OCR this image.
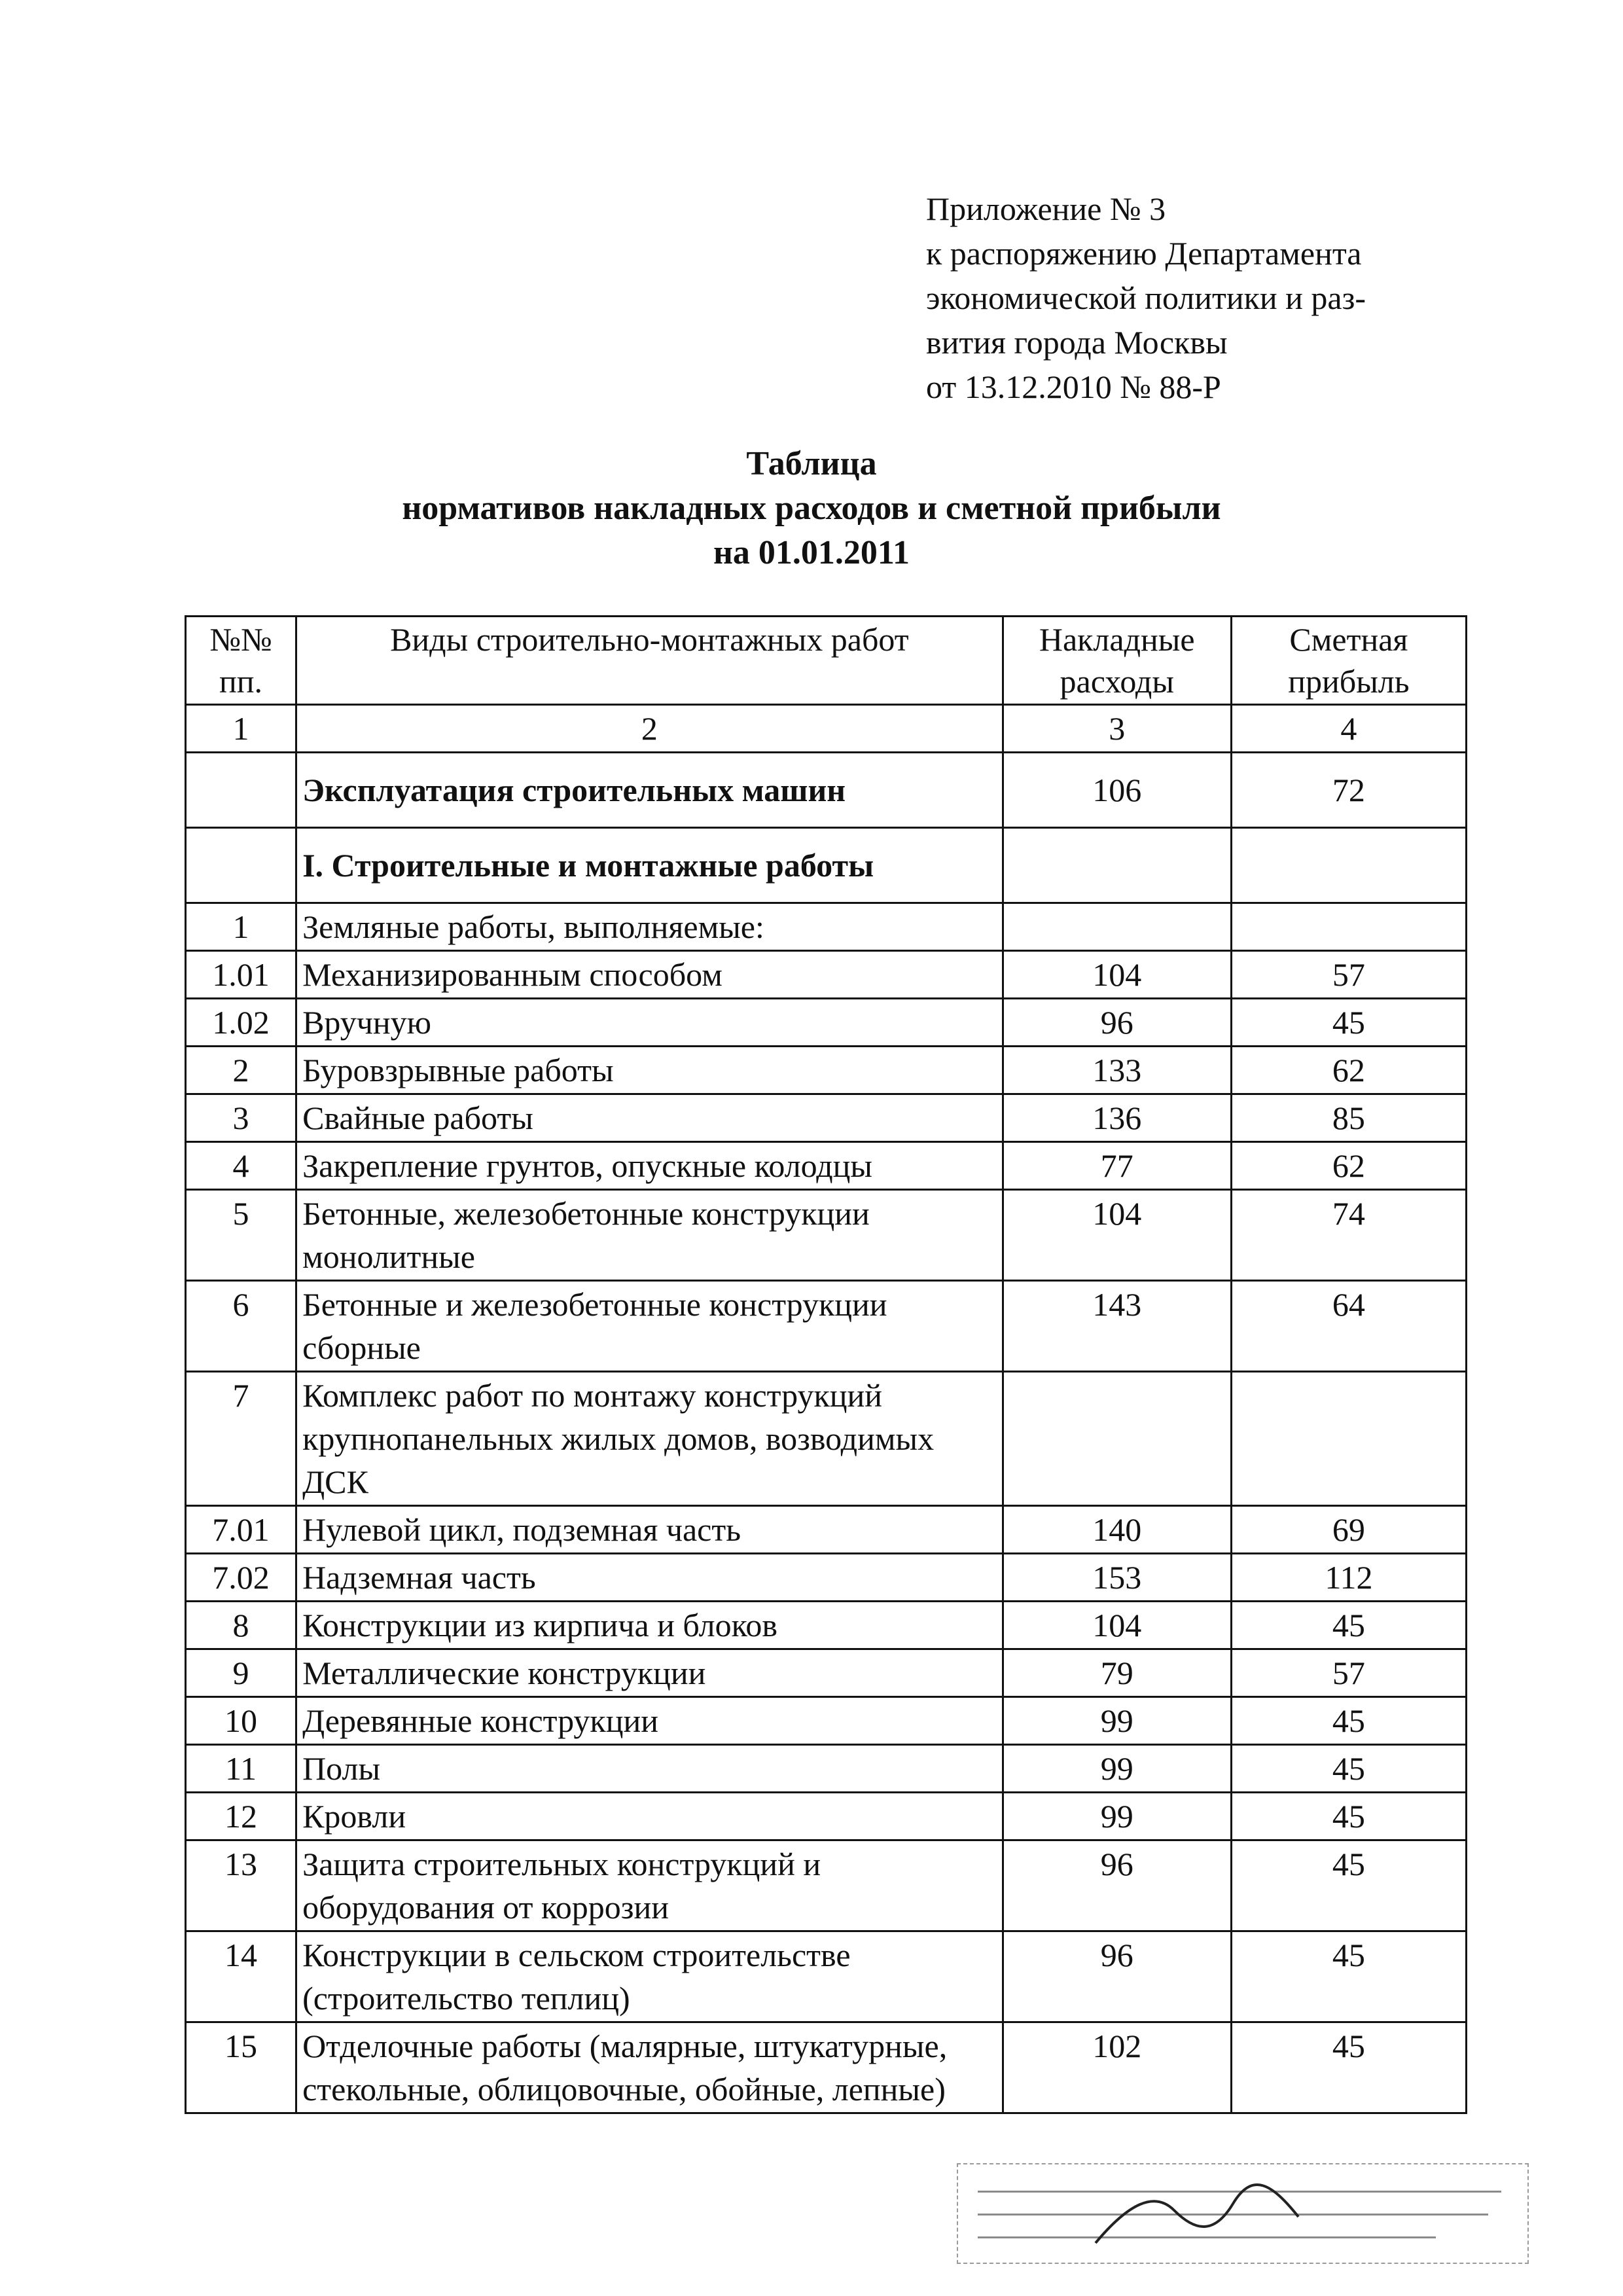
Приложение № 3
к распоряжению Департамента
экономической политики и раз-
вития города Москвы
от 13.12.2010 № 88-Р
Таблица
нормативов накладных расходов и сметной прибыли
на 01.01.2011
№№ пп.	Виды строительно-монтажных работ	Накладные расходы	Сметная прибыль
1	2	3	4
	Эксплуатация строительных машин	106	72
	I. Строительные и монтажные работы		
1	Земляные работы, выполняемые:		
1.01	Механизированным способом	104	57
1.02	Вручную	96	45
2	Буровзрывные работы	133	62
3	Свайные работы	136	85
4	Закрепление грунтов, опускные колодцы	77	62
5	Бетонные, железобетонные конструкции монолитные	104	74
6	Бетонные и железобетонные конструкции сборные	143	64
7	Комплекс работ по монтажу конструкций крупнопанельных жилых домов, возводимых ДСК		
7.01	Нулевой цикл, подземная часть	140	69
7.02	Надземная часть	153	112
8	Конструкции из кирпича и блоков	104	45
9	Металлические конструкции	79	57
10	Деревянные конструкции	99	45
11	Полы	99	45
12	Кровли	99	45
13	Защита строительных конструкций и оборудования от коррозии	96	45
14	Конструкции в сельском строительстве (строительство теплиц)	96	45
15	Отделочные работы (малярные, штукатурные, стекольные, облицовочные, обойные, лепные)	102	45
